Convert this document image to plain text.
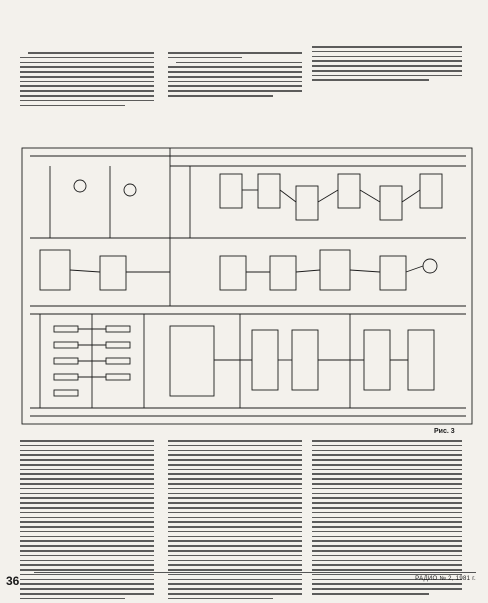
Рис. 3
36	РАДИО № 2, 1981 г.
